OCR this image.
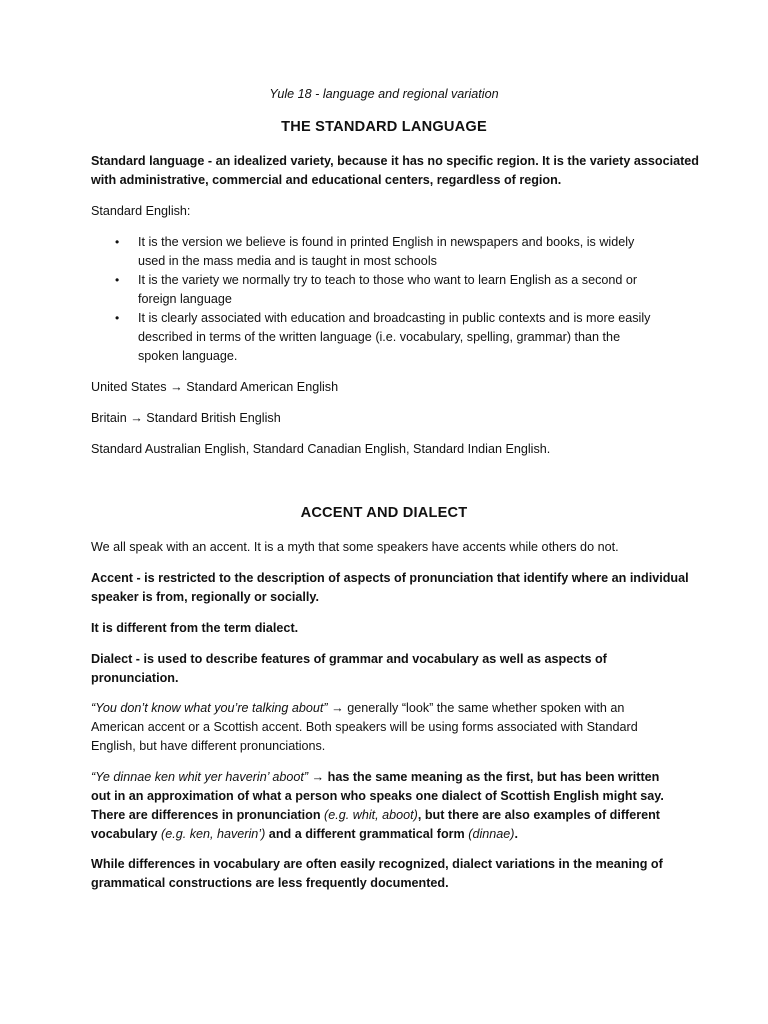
Yule 18 - language and regional variation
THE STANDARD LANGUAGE
Standard language - an idealized variety, because it has no specific region. It is the variety associated
with administrative, commercial and educational centers, regardless of region.
Standard English:
• It is the version we believe is found in printed English in newspapers and books, is widely
used in the mass media and is taught in most schools
• It is the variety we normally try to teach to those who want to learn English as a second or
foreign language
• It is clearly associated with education and broadcasting in public contexts and is more easily
described in terms of the written language (i.e. vocabulary, spelling, grammar) than the
spoken language.
United States → Standard American English
Britain → Standard British English
Standard Australian English, Standard Canadian English, Standard Indian English.
ACCENT AND DIALECT
We all speak with an accent. It is a myth that some speakers have accents while others do not.
Accent - is restricted to the description of aspects of pronunciation that identify where an individual
speaker is from, regionally or socially.
It is different from the term dialect.
Dialect - is used to describe features of grammar and vocabulary as well as aspects of
pronunciation.
“You don’t know what you’re talking about” → generally “look” the same whether spoken with an
American accent or a Scottish accent. Both speakers will be using forms associated with Standard
English, but have different pronunciations.
“Ye dinnae ken whit yer haverin’ aboot” → has the same meaning as the first, but has been written
out in an approximation of what a person who speaks one dialect of Scottish English might say.
There are differences in pronunciation (e.g. whit, aboot), but there are also examples of different
vocabulary (e.g. ken, haverin’) and a different grammatical form (dinnae).
While differences in vocabulary are often easily recognized, dialect variations in the meaning of
grammatical constructions are less frequently documented.
